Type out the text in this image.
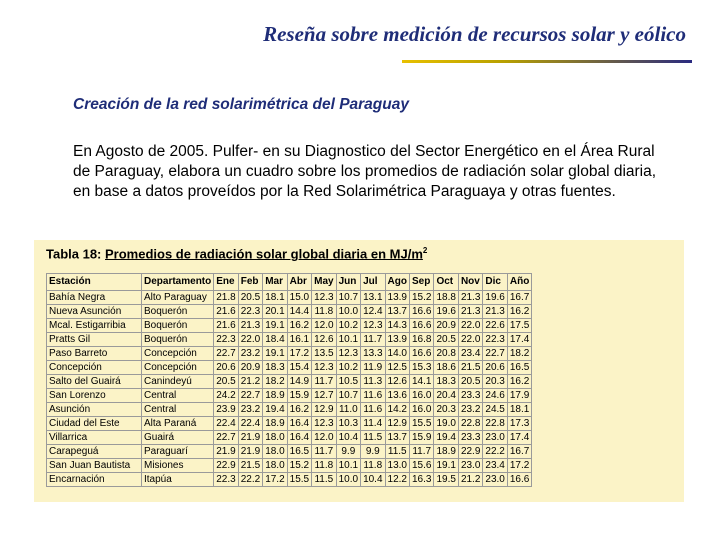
Reseña sobre medición de recursos solar y eólico
Creación de la red solarimétrica del Paraguay
En Agosto de 2005. Pulfer- en su Diagnostico del Sector Energético en el Área Rural de Paraguay, elabora un cuadro sobre los promedios de radiación solar global diaria, en base a datos proveídos por la Red Solarimétrica Paraguaya y otras fuentes.
Tabla 18: Promedios de radiación solar global diaria en $MJ/m^2$
Estación	Departamento	Ene	Feb	Mar	Abr	May	Jun	Jul	Ago	Sep	Oct	Nov	Dic	Año
Bahía Negra	Alto Paraguay	21.8	20.5	18.1	15.0	12.3	10.7	13.1	13.9	15.2	18.8	21.3	19.6	16.7
Nueva Asunción	Boquerón	21.6	22.3	20.1	14.4	11.8	10.0	12.4	13.7	16.6	19.6	21.3	21.3	16.2
Mcal. Estigarribia	Boquerón	21.6	21.3	19.1	16.2	12.0	10.2	12.3	14.3	16.6	20.9	22.0	22.6	17.5
Pratts Gil	Boquerón	22.3	22.0	18.4	16.1	12.6	10.1	11.7	13.9	16.8	20.5	22.0	22.3	17.4
Paso Barreto	Concepción	22.7	23.2	19.1	17.2	13.5	12.3	13.3	14.0	16.6	20.8	23.4	22.7	18.2
Concepción	Concepción	20.6	20.9	18.3	15.4	12.3	10.2	11.9	12.5	15.3	18.6	21.5	20.6	16.5
Salto del Guairá	Canindeyú	20.5	21.2	18.2	14.9	11.7	10.5	11.3	12.6	14.1	18.3	20.5	20.3	16.2
San Lorenzo	Central	24.2	22.7	18.9	15.9	12.7	10.7	11.6	13.6	16.0	20.4	23.3	24.6	17.9
Asunción	Central	23.9	23.2	19.4	16.2	12.9	11.0	11.6	14.2	16.0	20.3	23.2	24.5	18.1
Ciudad del Este	Alta Paraná	22.4	22.4	18.9	16.4	12.3	10.3	11.4	12.9	15.5	19.0	22.8	22.8	17.3
Villarrica	Guairá	22.7	21.9	18.0	16.4	12.0	10.4	11.5	13.7	15.9	19.4	23.3	23.0	17.4
Carapeguá	Paraguarí	21.9	21.9	18.0	16.5	11.7	9.9	9.9	11.5	11.7	18.9	22.9	22.2	16.7
San Juan Bautista	Misiones	22.9	21.5	18.0	15.2	11.8	10.1	11.8	13.0	15.6	19.1	23.0	23.4	17.2
Encarnación	Itapúa	22.3	22.2	17.2	15.5	11.5	10.0	10.4	12.2	16.3	19.5	21.2	23.0	16.6
